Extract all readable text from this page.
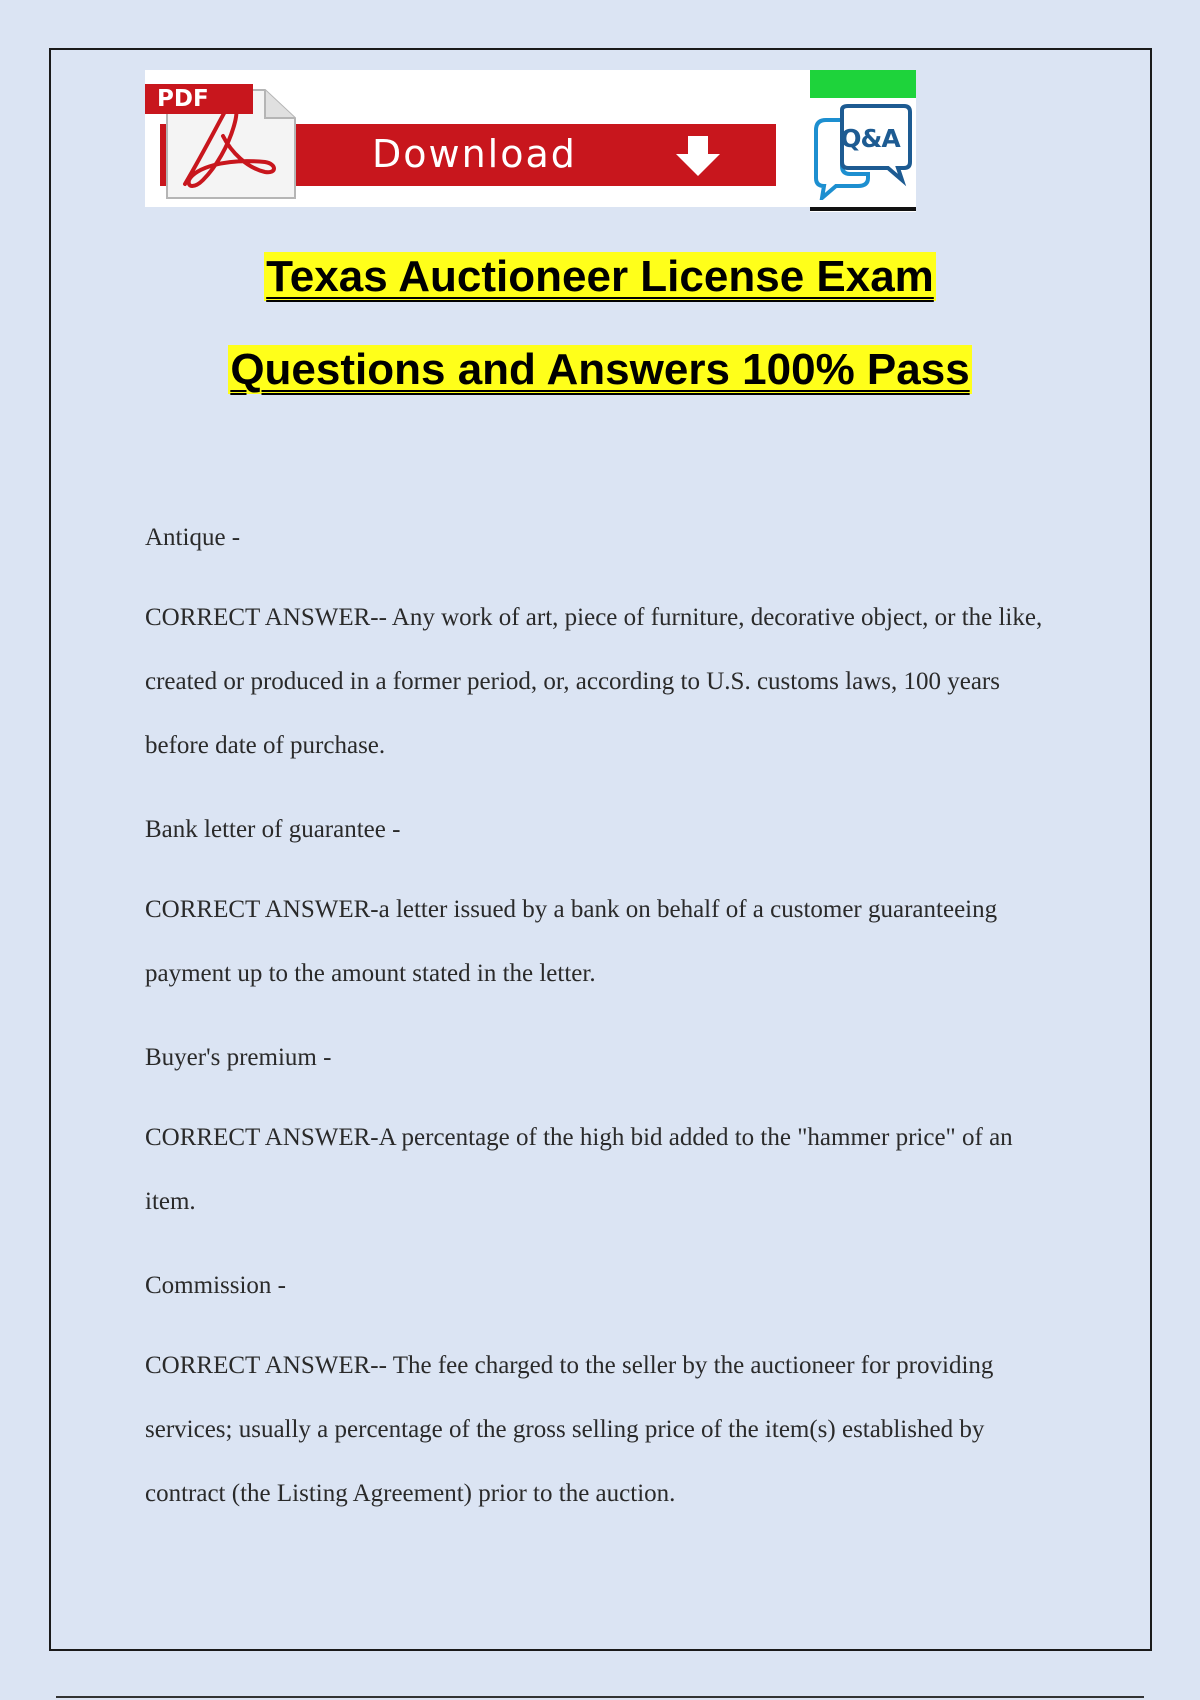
PDF
Download	Q&A
Texas Auctioneer License Exam
Questions and Answers 100% Pass

Antique -

CORRECT ANSWER-- Any work of art, piece of furniture, decorative object, or the like, created or produced in a former period, or, according to U.S. customs laws, 100 years before date of purchase.

Bank letter of guarantee -

CORRECT ANSWER-a letter issued by a bank on behalf of a customer guaranteeing payment up to the amount stated in the letter.

Buyer's premium -

CORRECT ANSWER-A percentage of the high bid added to the "hammer price" of an item.

Commission -

CORRECT ANSWER-- The fee charged to the seller by the auctioneer for providing services; usually a percentage of the gross selling price of the item(s) established by contract (the Listing Agreement) prior to the auction.
